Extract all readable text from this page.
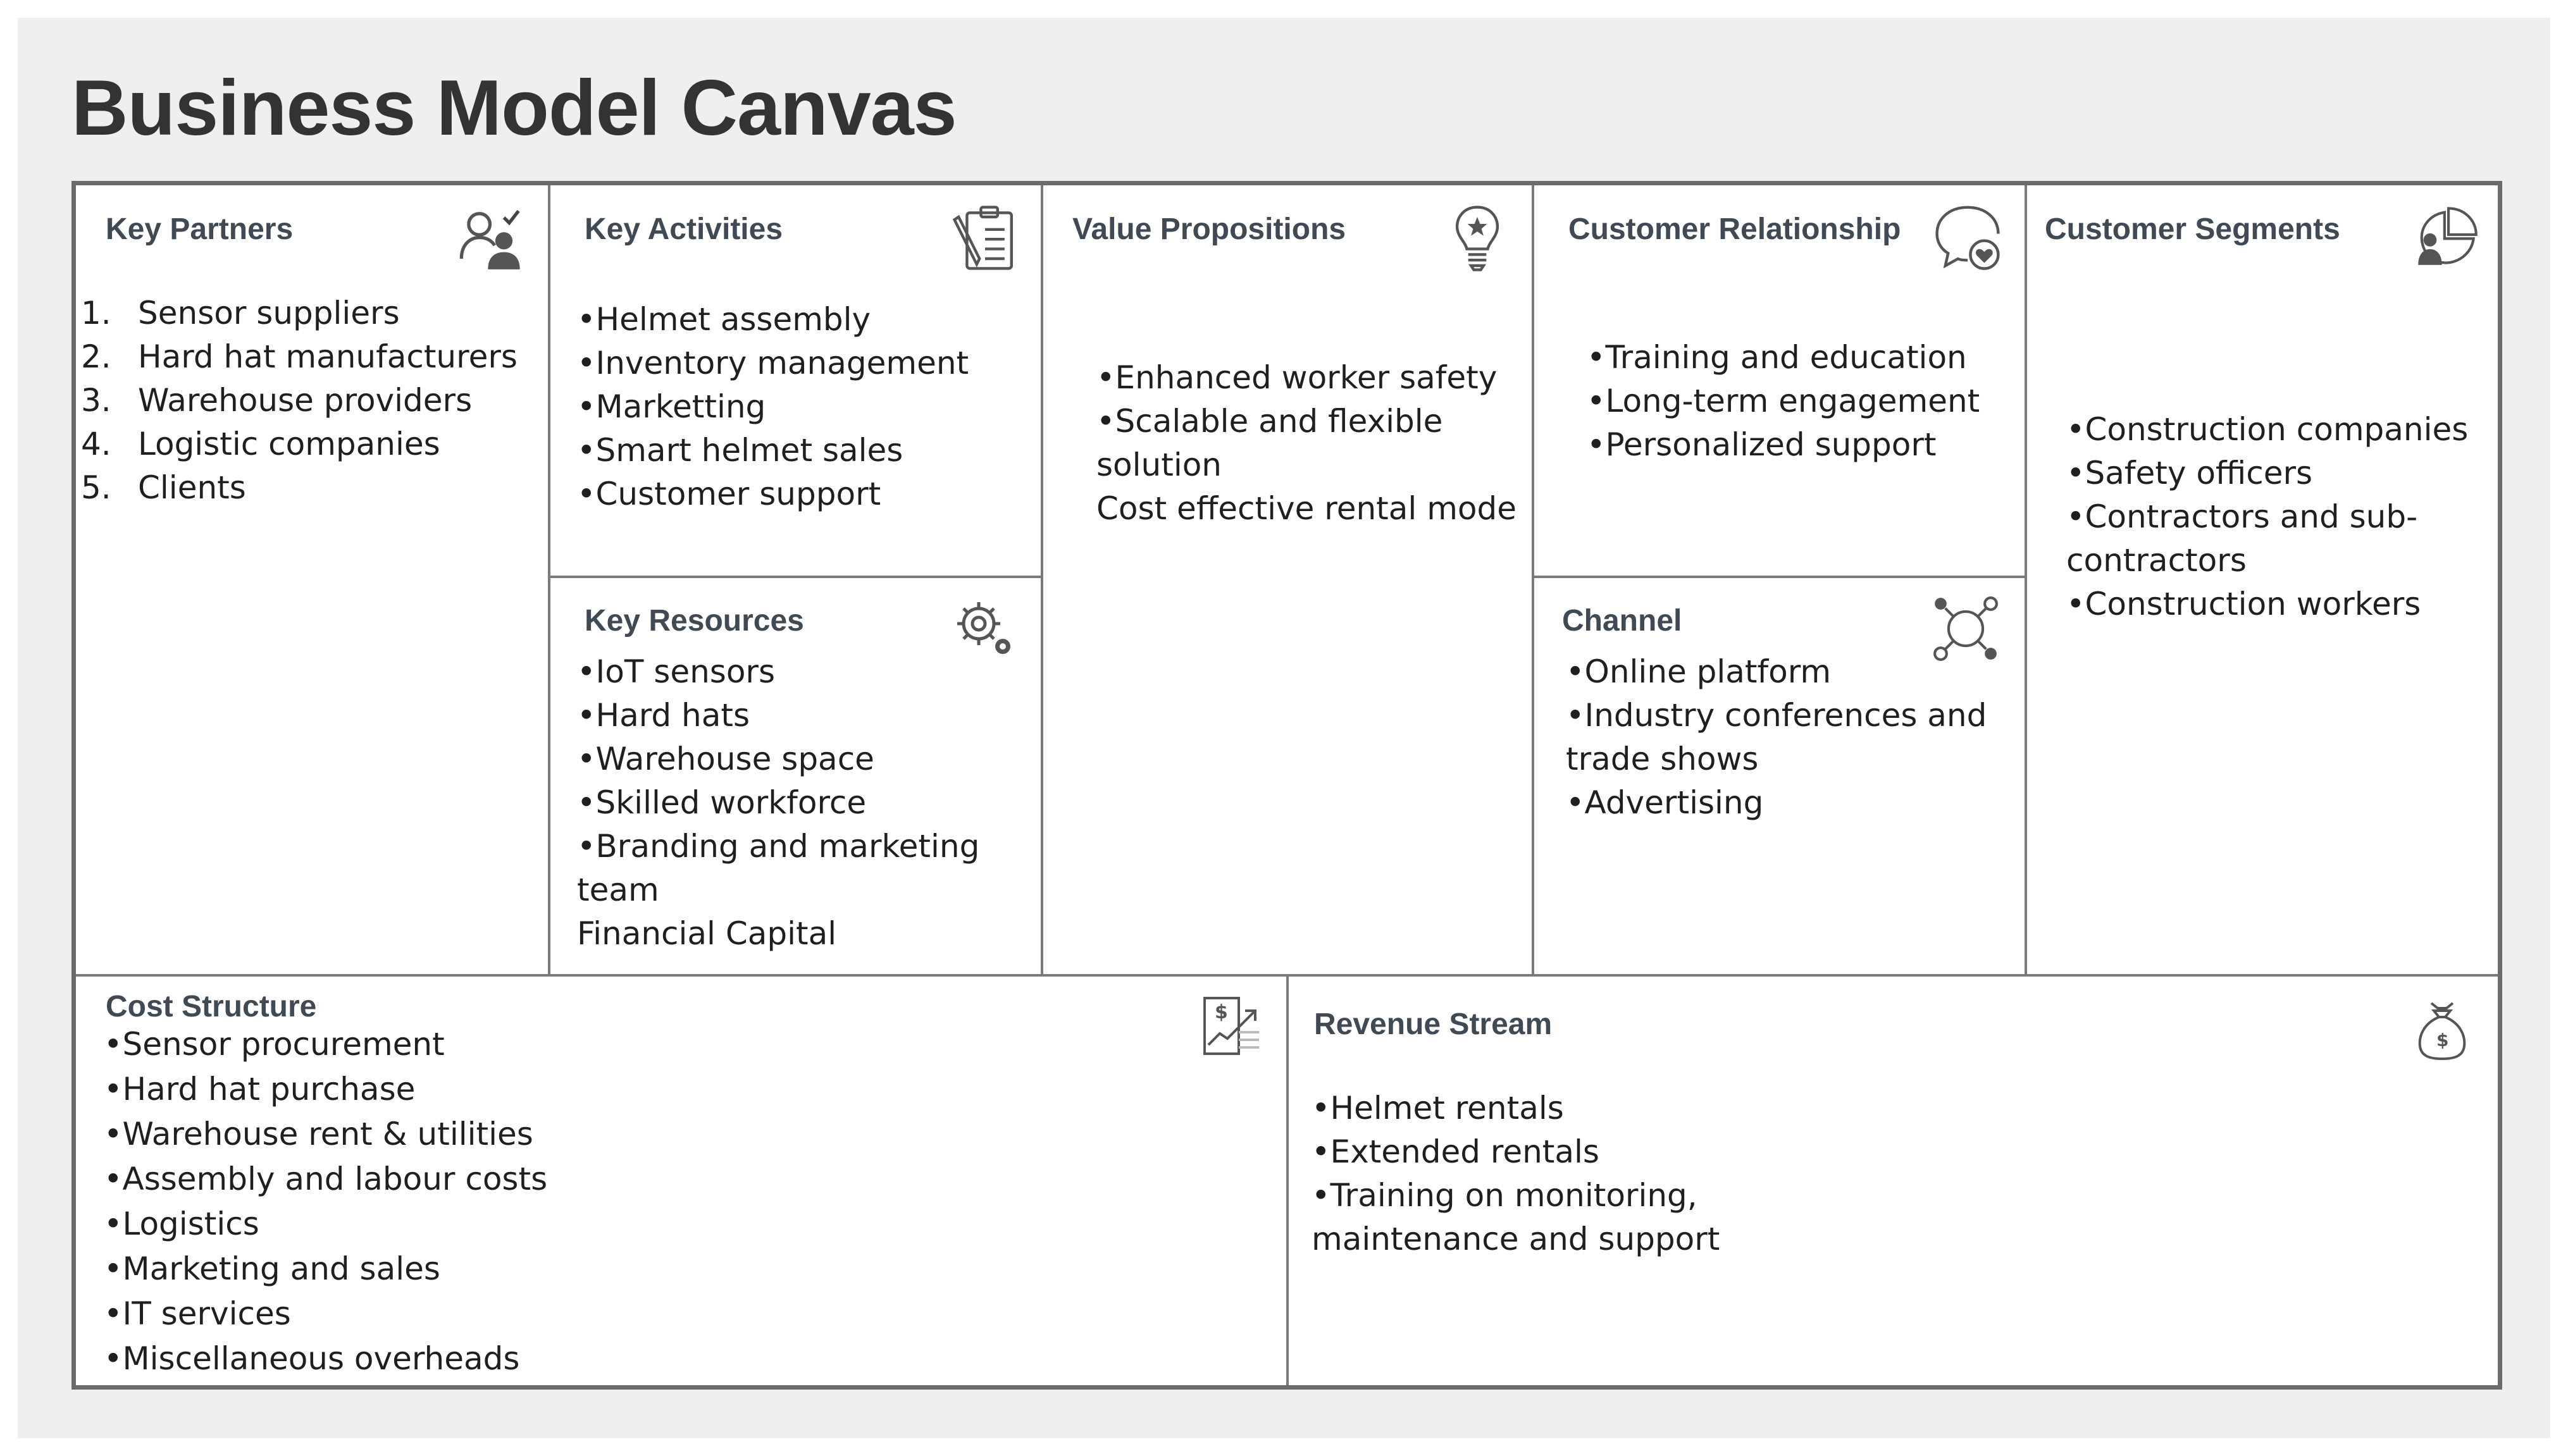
Business Model Canvas
Key Partners
1. Sensor suppliers
2. Hard hat manufacturers
3. Warehouse providers
4. Logistic companies
5. Clients
Key Activities
•Helmet assembly
•Inventory management
•Marketting
•Smart helmet sales
•Customer support
Key Resources
•IoT sensors
•Hard hats
•Warehouse space
•Skilled workforce
•Branding and marketing
team
Financial Capital
Value Propositions
•Enhanced worker safety
•Scalable and flexible
solution
Cost effective rental mode
Customer Relationship
•Training and education
•Long-term engagement
•Personalized support
Channel
•Online platform
•Industry conferences and
trade shows
•Advertising
Customer Segments
•Construction companies
•Safety officers
•Contractors and sub-
contractors
•Construction workers
Cost Structure	$
•Sensor procurement
•Hard hat purchase
•Warehouse rent & utilities
•Assembly and labour costs
•Logistics
•Marketing and sales
•IT services
•Miscellaneous overheads
Revenue Stream	$
•Helmet rentals
•Extended rentals
•Training on monitoring,
maintenance and support
